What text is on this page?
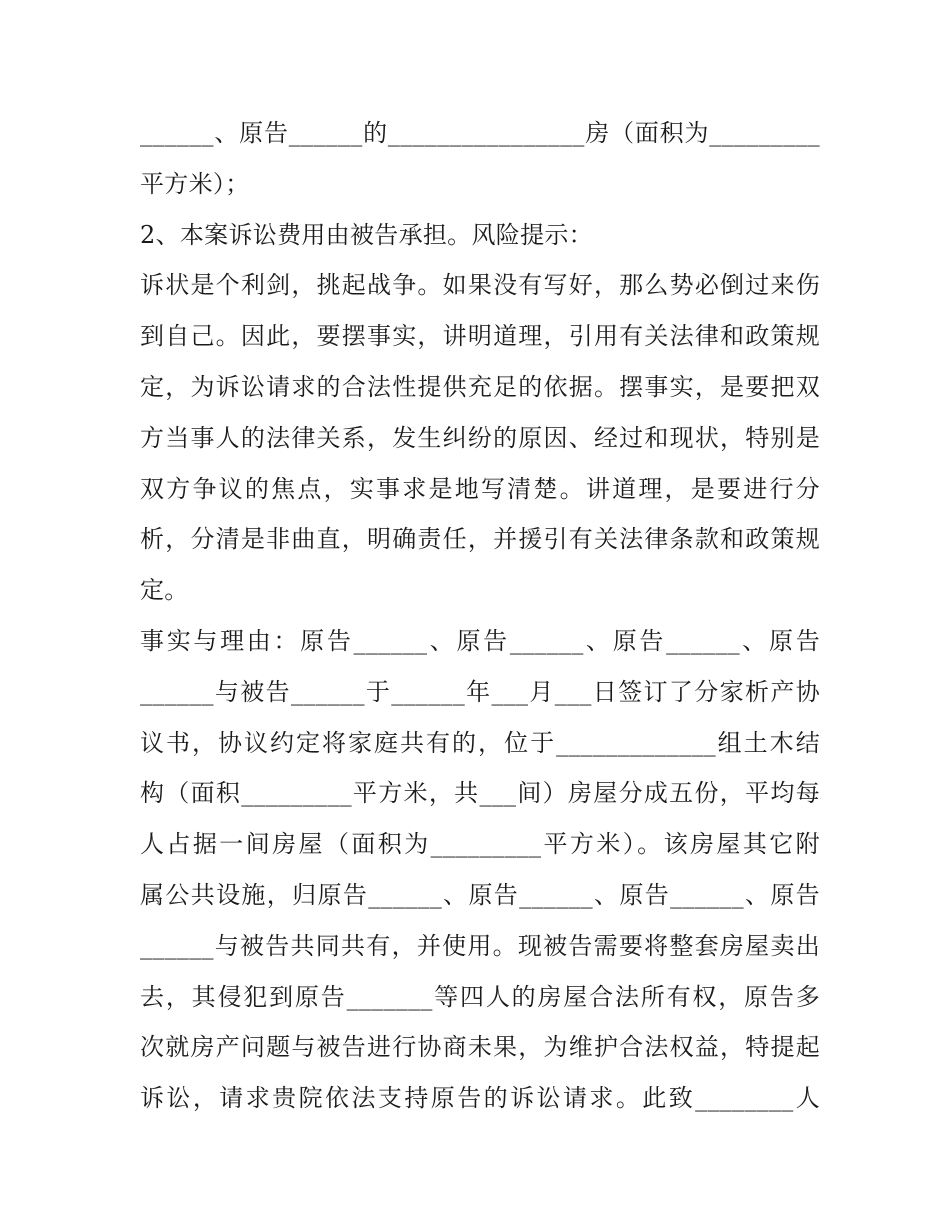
______、原告______的________________房（面积为_________
平方米）；
2、本案诉讼费用由被告承担。风险提示：
诉状是个利剑，挑起战争。如果没有写好，那么势必倒过来伤
到自己。因此，要摆事实，讲明道理，引用有关法律和政策规
定，为诉讼请求的合法性提供充足的依据。摆事实，是要把双
方当事人的法律关系，发生纠纷的原因、经过和现状，特别是
双方争议的焦点，实事求是地写清楚。讲道理，是要进行分
析，分清是非曲直，明确责任，并援引有关法律条款和政策规
定。
事实与理由：原告______、原告______、原告______、原告
______与被告______于______年___月___日签订了分家析产协
议书，协议约定将家庭共有的，位于_____________组土木结
构（面积_________平方米，共___间）房屋分成五份，平均每
人占据一间房屋（面积为_________平方米）。该房屋其它附
属公共设施，归原告______、原告______、原告______、原告
______与被告共同共有，并使用。现被告需要将整套房屋卖出
去，其侵犯到原告_______等四人的房屋合法所有权，原告多
次就房产问题与被告进行协商未果，为维护合法权益，特提起
诉讼，请求贵院依法支持原告的诉讼请求。此致________人
